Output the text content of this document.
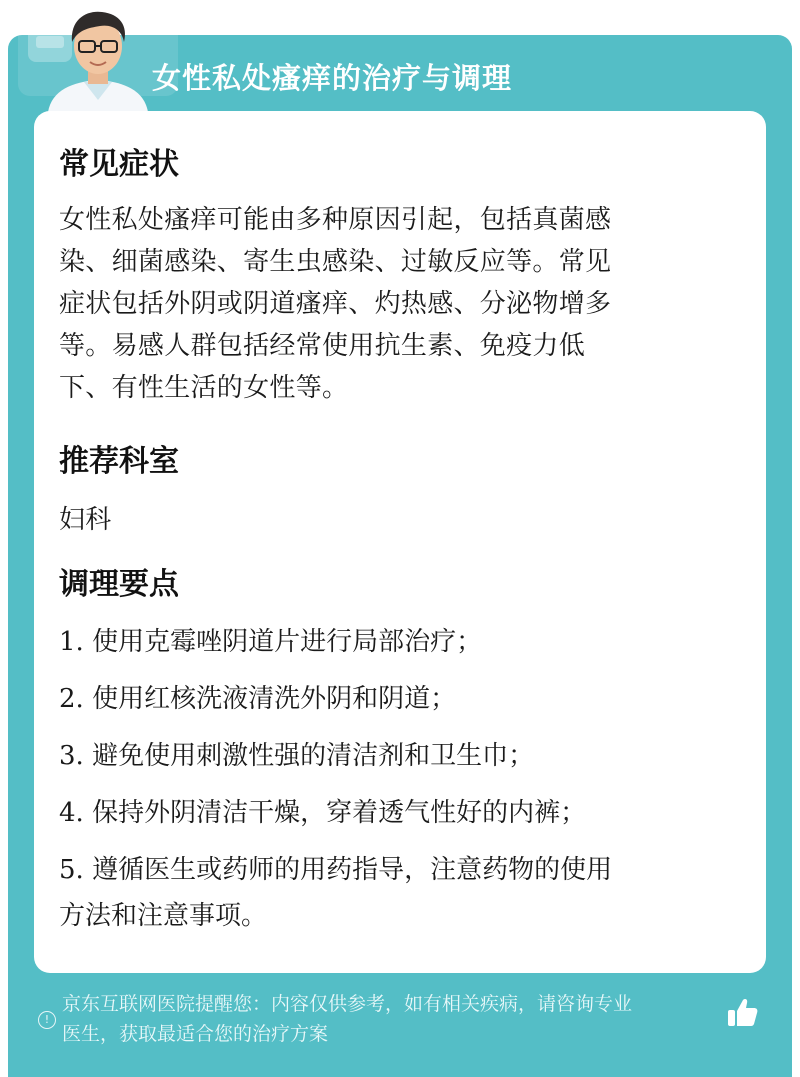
女性私处瘙痒的治疗与调理
常见症状
女性私处瘙痒可能由多种原因引起，包括真菌感
染、细菌感染、寄生虫感染、过敏反应等。常见
症状包括外阴或阴道瘙痒、灼热感、分泌物增多
等。易感人群包括经常使用抗生素、免疫力低
下、有性生活的女性等。
推荐科室
妇科
调理要点
1. 使用克霉唑阴道片进行局部治疗；
2. 使用红核洗液清洗外阴和阴道；
3. 避免使用刺激性强的清洁剂和卫生巾；
4. 保持外阴清洁干燥，穿着透气性好的内裤；
5. 遵循医生或药师的用药指导，注意药物的使用
方法和注意事项。
!
京东互联网医院提醒您：内容仅供参考，如有相关疾病，请咨询专业
医生，获取最适合您的治疗方案
